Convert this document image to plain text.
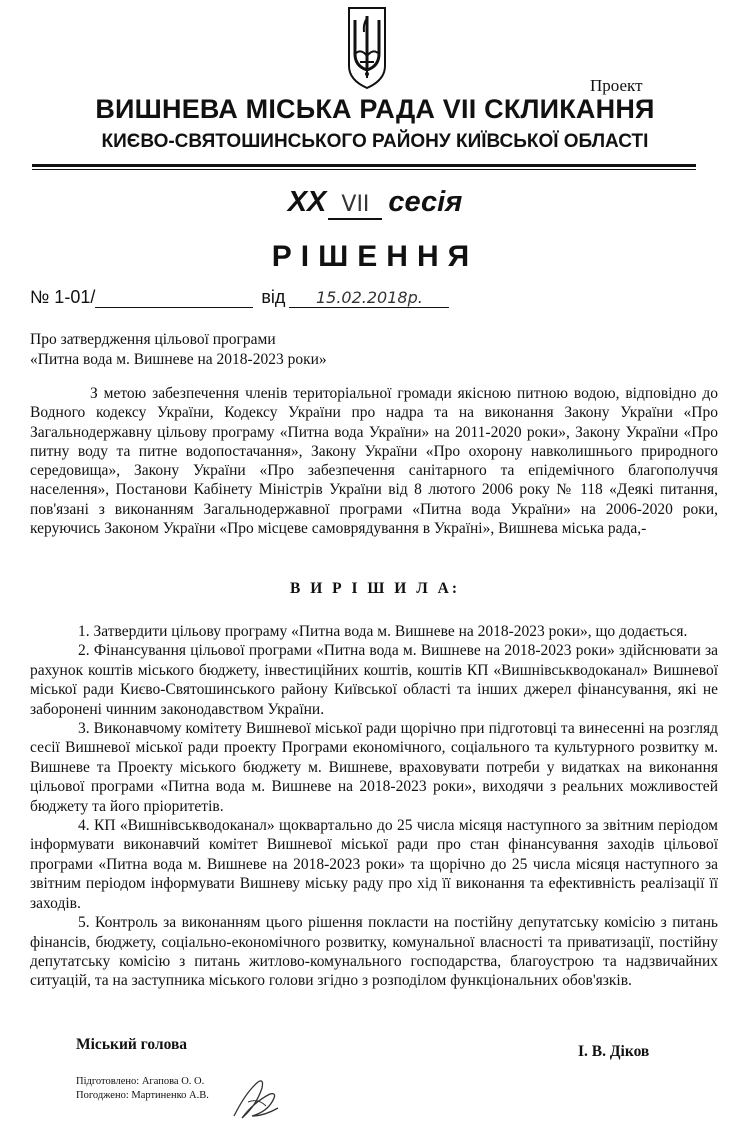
Проект
ВИШНЕВА МІСЬКА РАДА VII СКЛИКАННЯ
КИЄВО-СВЯТОШИНСЬКОГО РАЙОНУ КИЇВСЬКОЇ ОБЛАСТІ
XX VII сесія
РІШЕННЯ
№ 1-01/	від 15.02.2018р.
Про затвердження цільової програми
«Питна вода м. Вишневе на 2018-2023 роки»

З метою забезпечення членів територіальної громади якісною питною водою, відповідно до Водного кодексу України, Кодексу України про надра та на виконання Закону України «Про Загальнодержавну цільову програму «Питна вода України» на 2011-2020 роки», Закону України «Про питну воду та питне водопостачання», Закону України «Про охорону навколишнього природного середовища», Закону України «Про забезпечення санітарного та епідемічного благополуччя населення», Постанови Кабінету Міністрів України від 8 лютого 2006 року № 118 «Деякі питання, пов'язані з виконанням Загальнодержавної програми «Питна вода України» на 2006-2020 роки, керуючись Законом України «Про місцеве самоврядування в Україні», Вишнева міська рада,-

В И Р І Ш И Л А:

1. Затвердити цільову програму «Питна вода м. Вишневе на 2018-2023 роки», що додається.

2. Фінансування цільової програми «Питна вода м. Вишневе на 2018-2023 роки» здійснювати за рахунок коштів міського бюджету, інвестиційних коштів, коштів КП «Вишнівськводоканал» Вишневої міської ради Києво-Святошинського району Київської області та інших джерел фінансування, які не заборонені чинним законодавством України.

3. Виконавчому комітету Вишневої міської ради щорічно при підготовці та винесенні на розгляд сесії Вишневої міської ради проекту Програми економічного, соціального та культурного розвитку м. Вишневе та Проекту міського бюджету м. Вишневе, враховувати потреби у видатках на виконання цільової програми «Питна вода м. Вишневе на 2018-2023 роки», виходячи з реальних можливостей бюджету та його пріоритетів.

4. КП «Вишнівськводоканал» щоквартально до 25 числа місяця наступного за звітним періодом інформувати виконавчий комітет Вишневої міської ради про стан фінансування заходів цільової програми «Питна вода м. Вишневе на 2018-2023 роки» та щорічно до 25 числа місяця наступного за звітним періодом інформувати Вишневу міську раду про хід її виконання та ефективність реалізації її заходів.

5. Контроль за виконанням цього рішення покласти на постійну депутатську комісію з питань фінансів, бюджету, соціально-економічного розвитку, комунальної власності та приватизації, постійну депутатську комісію з питань житлово-комунального господарства, благоустрою та надзвичайних ситуацій, та на заступника міського голови згідно з розподілом функціональних обов'язків.

Міський голова	І. В. Діков
Підготовлено: Агапова О. О.
Погоджено: Мартиненко А.В.
